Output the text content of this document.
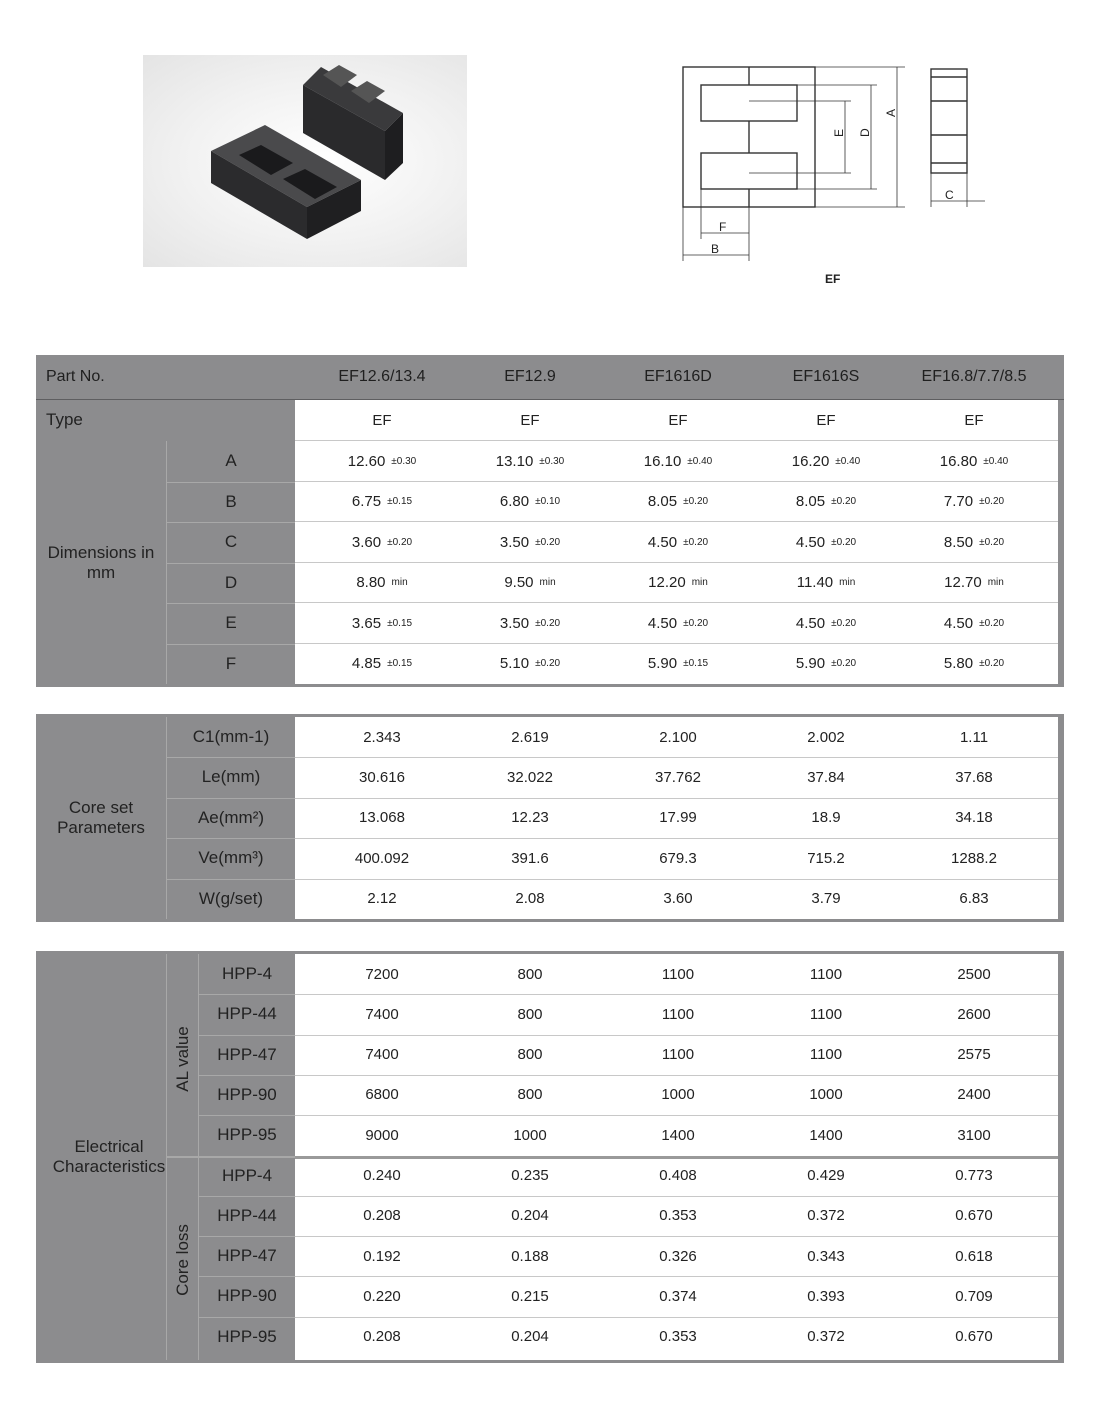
A
D
E
F
B
C
EF
Part No.	EF12.6/13.4	EF12.9	EF1616D	EF1616S	EF16.8/7.7/8.5
Type	EF	EF	EF	EF	EF
Dimensions in mm
A	12.60 ±0.30	13.10 ±0.30	16.10 ±0.40	16.20 ±0.40	16.80 ±0.40
B	6.75 ±0.15	6.80 ±0.10	8.05 ±0.20	8.05 ±0.20	7.70 ±0.20
C	3.60 ±0.20	3.50 ±0.20	4.50 ±0.20	4.50 ±0.20	8.50 ±0.20
D	8.80 min	9.50 min	12.20 min	11.40 min	12.70 min
E	3.65 ±0.15	3.50 ±0.20	4.50 ±0.20	4.50 ±0.20	4.50 ±0.20
F	4.85 ±0.15	5.10 ±0.20	5.90 ±0.15	5.90 ±0.20	5.80 ±0.20
Core set Parameters
C1(mm-1)	2.343	2.619	2.100	2.002	1.11
Le(mm)	30.616	32.022	37.762	37.84	37.68
Ae(mm²)	13.068	12.23	17.99	18.9	34.18
Ve(mm³)	400.092	391.6	679.3	715.2	1288.2
W(g/set)	2.12	2.08	3.60	3.79	6.83
Electrical Characteristics
AL value
Core loss
HPP-4	7200	800	1100	1100	2500
HPP-44	7400	800	1100	1100	2600
HPP-47	7400	800	1100	1100	2575
HPP-90	6800	800	1000	1000	2400
HPP-95	9000	1000	1400	1400	3100
HPP-4	0.240	0.235	0.408	0.429	0.773
HPP-44	0.208	0.204	0.353	0.372	0.670
HPP-47	0.192	0.188	0.326	0.343	0.618
HPP-90	0.220	0.215	0.374	0.393	0.709
HPP-95	0.208	0.204	0.353	0.372	0.670
